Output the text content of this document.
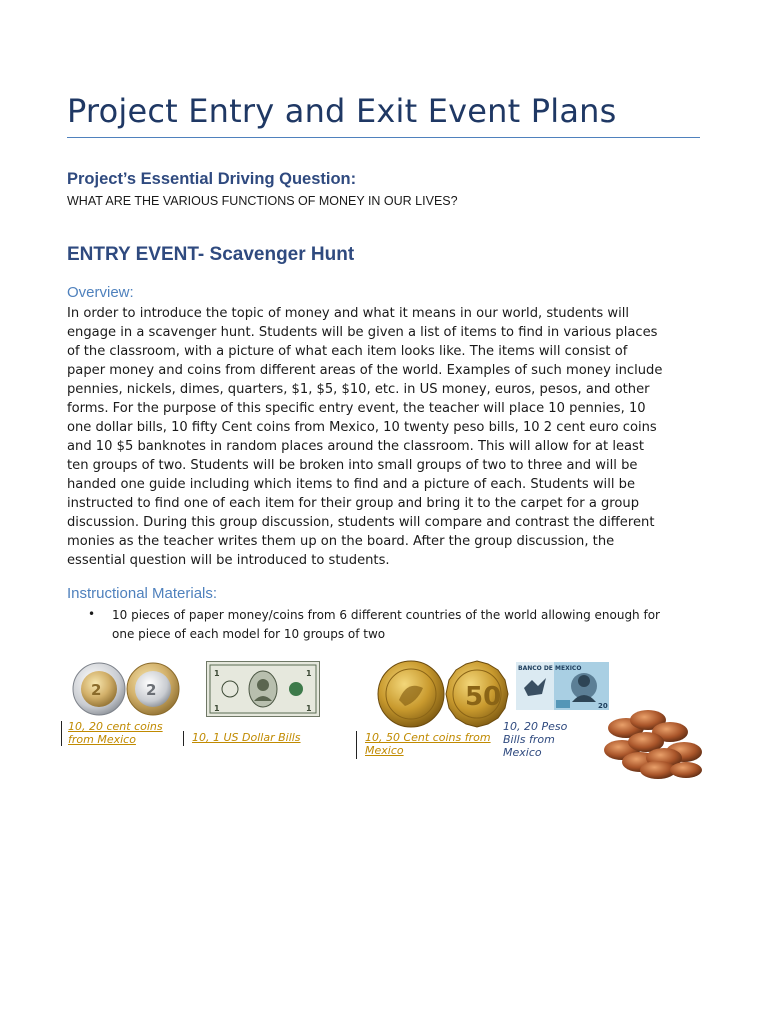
Project Entry and Exit Event Plans
Project’s Essential Driving Question:
WHAT ARE THE VARIOUS FUNCTIONS OF MONEY IN OUR LIVES?
ENTRY EVENT- Scavenger Hunt
Overview:
In order to introduce the topic of money and what it means in our world, students will
engage in a scavenger hunt. Students will be given a list of items to find in various places
of the classroom, with a picture of what each item looks like. The items will consist of
paper money and coins from different areas of the world. Examples of such money include
pennies, nickels, dimes, quarters, $1, $5, $10, etc. in US money, euros, pesos, and other
forms. For the purpose of this specific entry event, the teacher will place 10 pennies, 10
one dollar bills, 10 fifty Cent coins from Mexico, 10 twenty peso bills, 10 2 cent euro coins
and 10 $5 banknotes in random places around the classroom. This will allow for at least
ten groups of two. Students will be broken into small groups of two to three and will be
handed one guide including which items to find and a picture of each. Students will be
instructed to find one of each item for their group and bring it to the carpet for a group
discussion. During this group discussion, students will compare and contrast the different
monies as the teacher writes them up on the board. After the group discussion, the
essential question will be introduced to students.
Instructional Materials:
• 10 pieces of paper money/coins from 6 different countries of the world allowing enough for
one piece of each model for 10 groups of two
2	2
10, 20 cent coins
from Mexico
1	1
1	1
10, 1 US Dollar Bills
50
10, 50 Cent coins from
Mexico
BANCO DE MEXICO
20
10, 20 Peso
Bills from
Mexico
